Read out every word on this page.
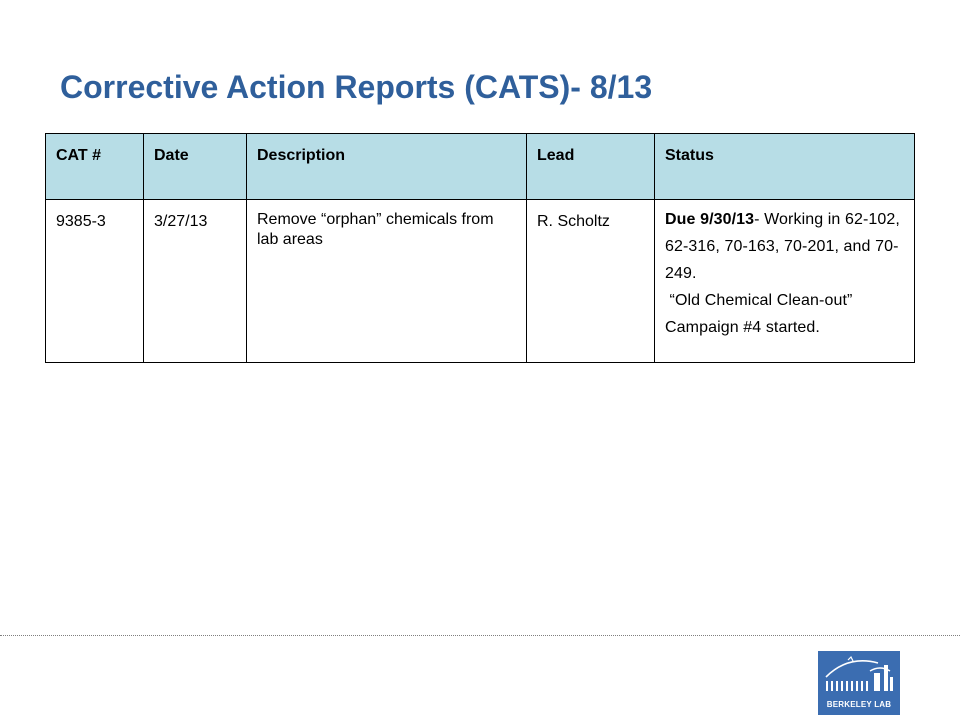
Corrective Action Reports (CATS)- 8/13
CAT #	Date	Description	Lead	Status
9385-3	3/27/13	Remove “orphan” chemicals from lab areas	R. Scholtz	Due 9/30/13- Working in 62-102, 62-316, 70-163, 70-201, and 70-249.
“Old Chemical Clean-out” Campaign #4 started.
BERKELEY LAB
